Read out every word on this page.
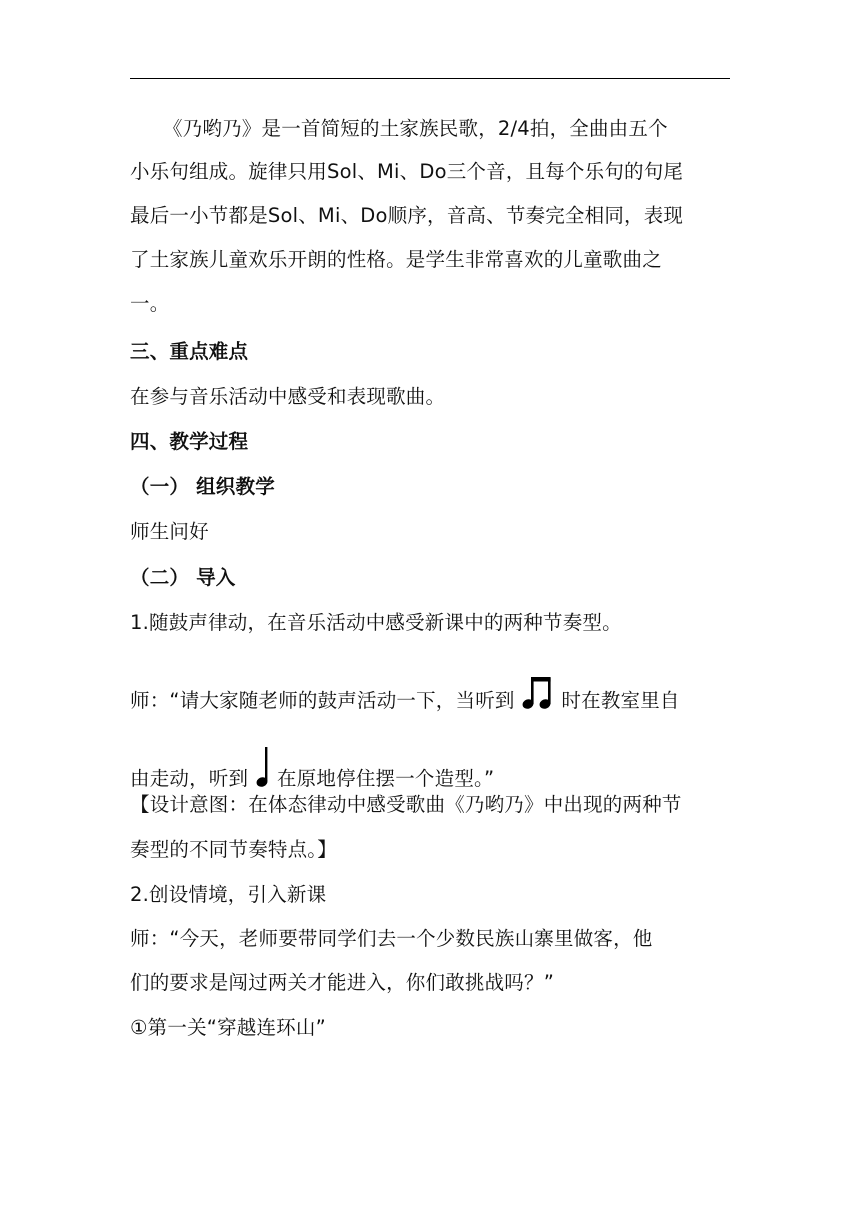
《乃哟乃》是一首简短的土家族民歌，2/4拍，全曲由五个
小乐句组成。旋律只用Sol、Mi、Do三个音，且每个乐句的句尾
最后一小节都是Sol、Mi、Do顺序，音高、节奏完全相同，表现
了土家族儿童欢乐开朗的性格。是学生非常喜欢的儿童歌曲之
一。
三、重点难点
在参与音乐活动中感受和表现歌曲。
四、教学过程
（一） 组织教学
师生问好
（二） 导入
1.随鼓声律动，在音乐活动中感受新课中的两种节奏型。
师：“请大家随老师的鼓声活动一下，当听到 时在教室里自
由走动，听到 在原地停住摆一个造型。”
【设计意图：在体态律动中感受歌曲《乃哟乃》中出现的两种节
奏型的不同节奏特点。】
2.创设情境，引入新课
师：“今天，老师要带同学们去一个少数民族山寨里做客，他
们的要求是闯过两关才能进入，你们敢挑战吗？”
①第一关“穿越连环山”
